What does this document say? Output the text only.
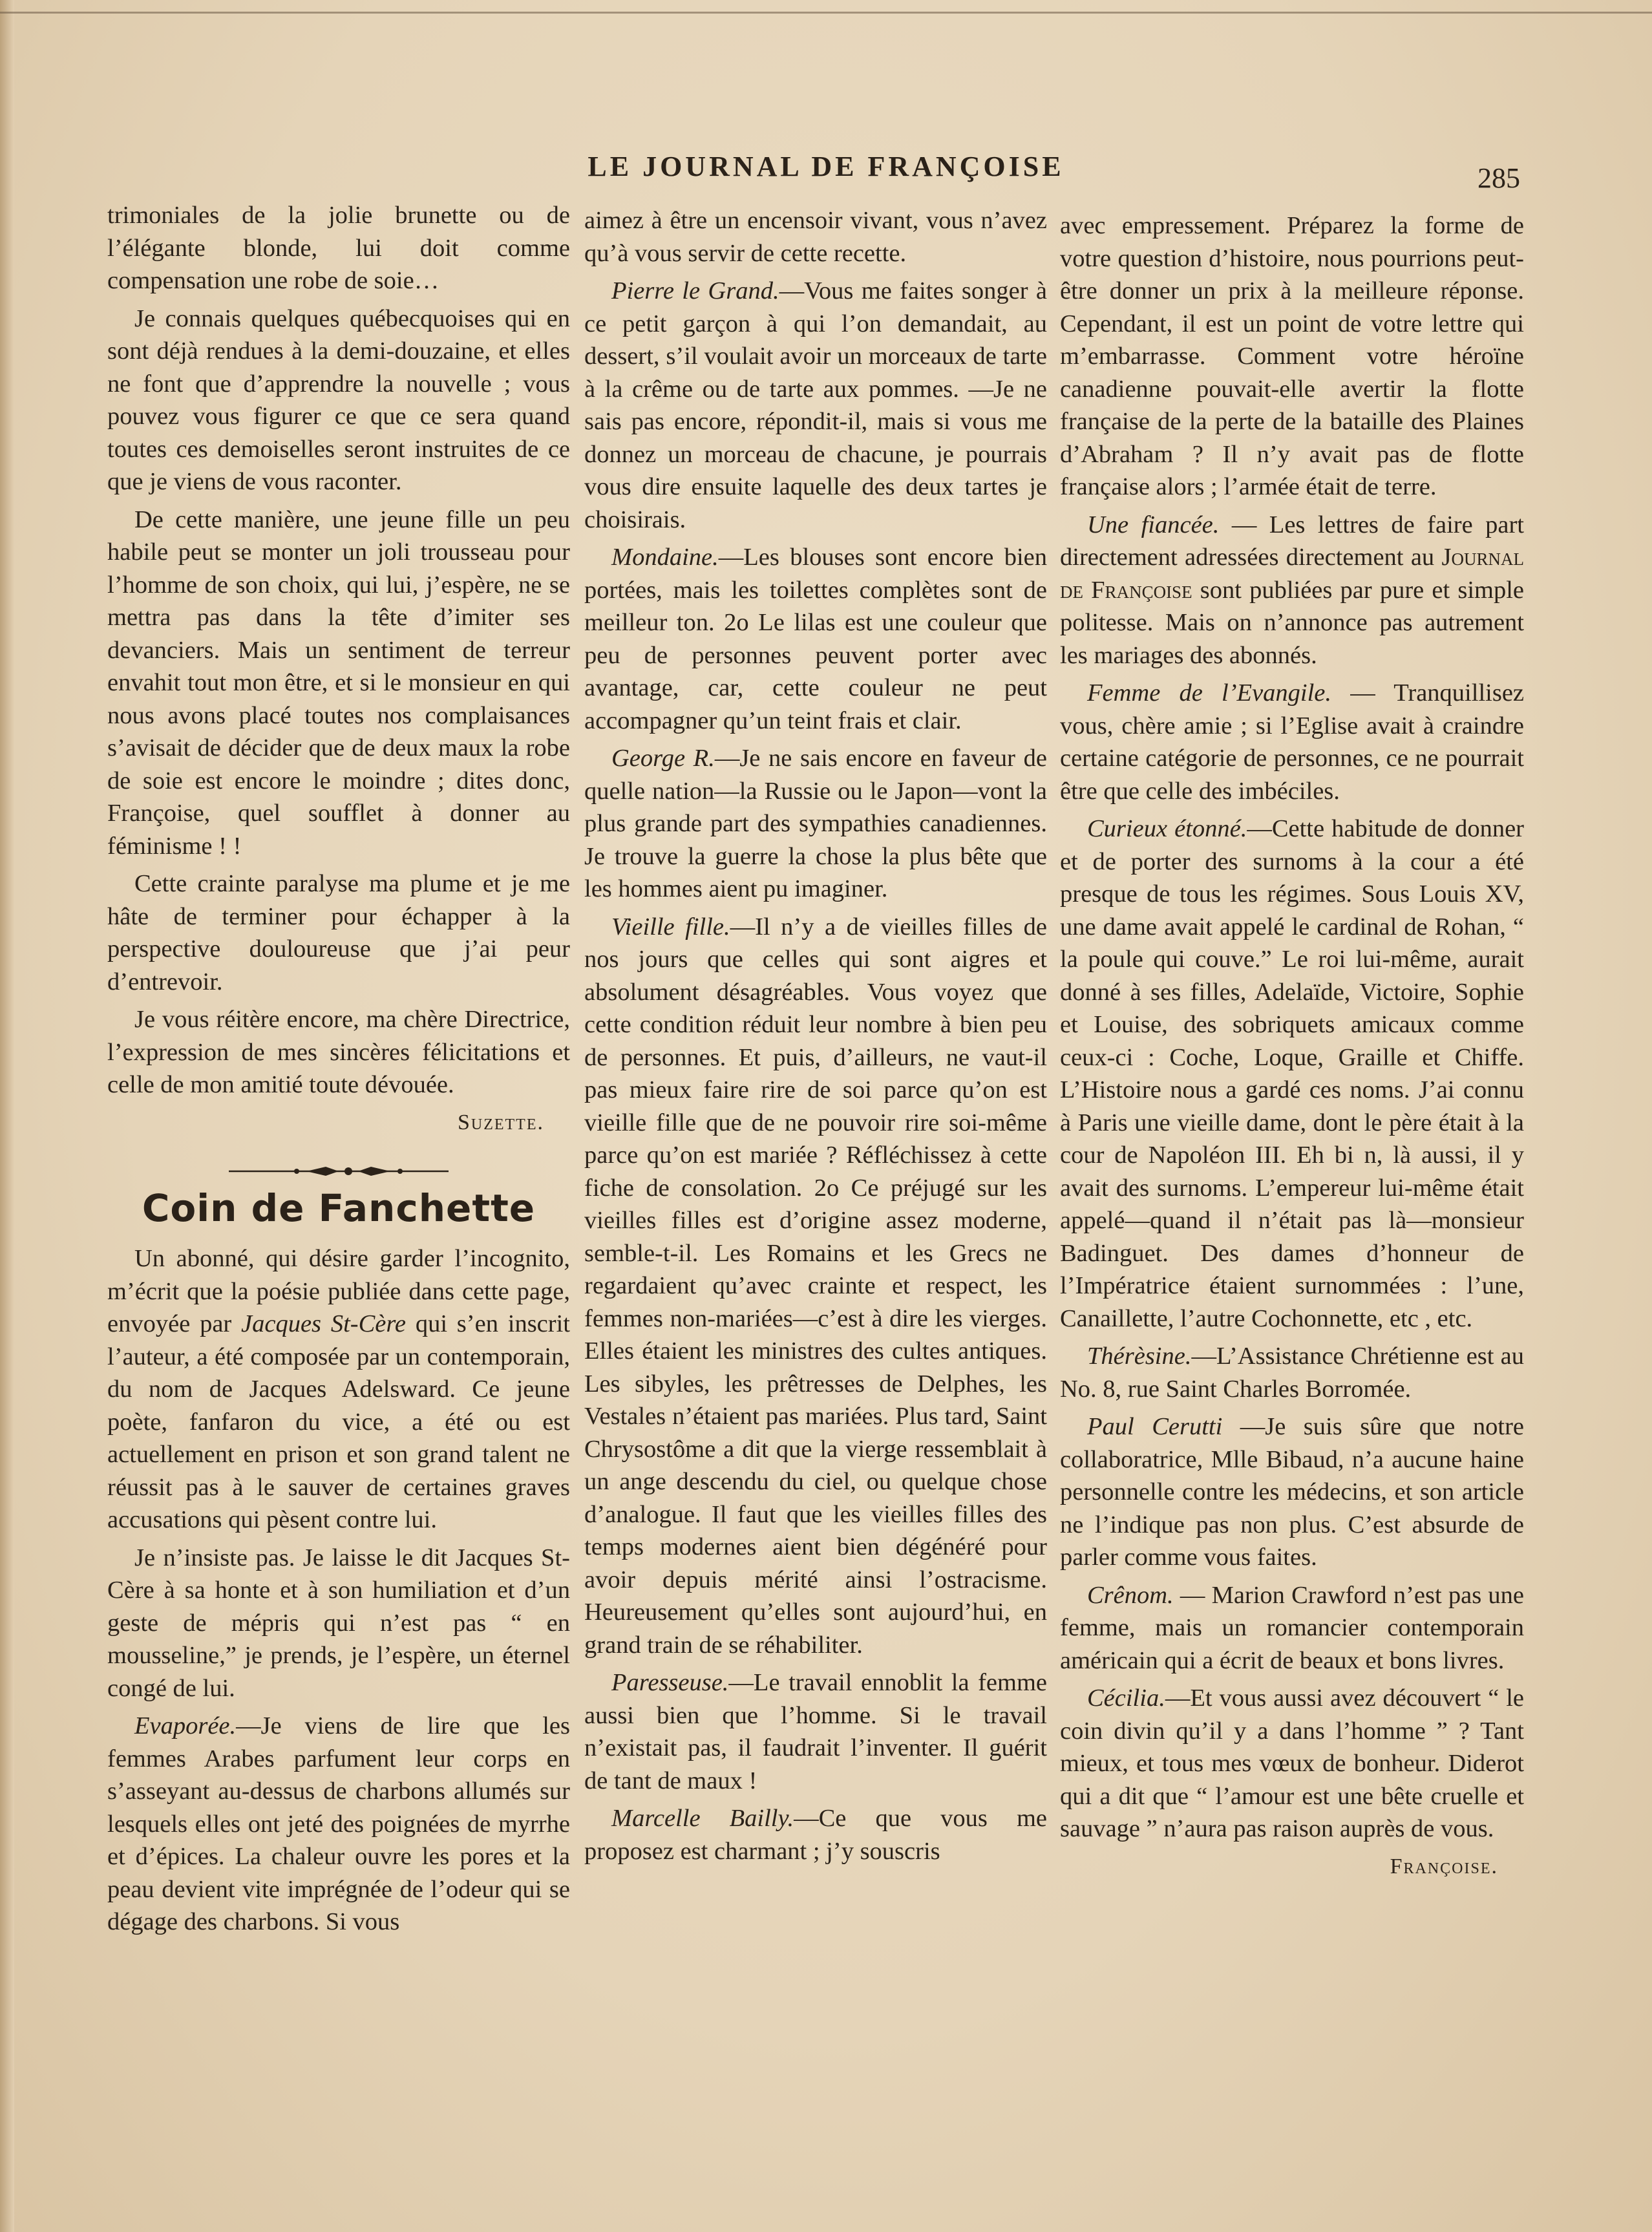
LE JOURNAL DE FRANÇOISE	285

trimoniales de la jolie brunette ou de l’élégante blonde, lui doit comme compensation une robe de soie…

Je connais quelques québecquoises qui en sont déjà rendues à la demi-douzaine, et elles ne font que d’apprendre la nouvelle ; vous pouvez vous figurer ce que ce sera quand toutes ces demoiselles seront instruites de ce que je viens de vous raconter.

De cette manière, une jeune fille un peu habile peut se monter un joli trousseau pour l’homme de son choix, qui lui, j’espère, ne se mettra pas dans la tête d’imiter ses devanciers. Mais un sentiment de terreur envahit tout mon être, et si le monsieur en qui nous avons placé toutes nos complaisances s’avisait de décider que de deux maux la robe de soie est encore le moindre ; dites donc, Françoise, quel soufflet à donner au féminisme ! !

Cette crainte paralyse ma plume et je me hâte de terminer pour échapper à la perspective douloureuse que j’ai peur d’entrevoir.

Je vous réitère encore, ma chère Directrice, l’expression de mes sincères félicitations et celle de mon amitié toute dévouée.

Suzette.
Coin de Fanchette

Un abonné, qui désire garder l’incognito, m’écrit que la poésie publiée dans cette page, envoyée par Jacques St-Cère qui s’en inscrit l’auteur, a été composée par un contemporain, du nom de Jacques Adelsward. Ce jeune poète, fanfaron du vice, a été ou est actuellement en prison et son grand talent ne réussit pas à le sauver de certaines graves accusations qui pèsent contre lui.

Je n’insiste pas. Je laisse le dit Jacques St-Cère à sa honte et à son humiliation et d’un geste de mépris qui n’est pas “ en mousseline,” je prends, je l’espère, un éternel congé de lui.

Evaporée.—Je viens de lire que les femmes Arabes parfument leur corps en s’asseyant au-dessus de charbons allumés sur lesquels elles ont jeté des poignées de myrrhe et d’épices. La chaleur ouvre les pores et la peau devient vite imprégnée de l’odeur qui se dégage des charbons. Si vous

aimez à être un encensoir vivant, vous n’avez qu’à vous servir de cette recette.

Pierre le Grand.—Vous me faites songer à ce petit garçon à qui l’on demandait, au dessert, s’il voulait avoir un morceaux de tarte à la crême ou de tarte aux pommes. —Je ne sais pas encore, répondit-il, mais si vous me donnez un morceau de chacune, je pourrais vous dire ensuite laquelle des deux tartes je choisirais.

Mondaine.—Les blouses sont encore bien portées, mais les toilettes complètes sont de meilleur ton. 2o Le lilas est une couleur que peu de personnes peuvent porter avec avantage, car, cette couleur ne peut accompagner qu’un teint frais et clair.

George R.—Je ne sais encore en faveur de quelle nation—la Russie ou le Japon—vont la plus grande part des sympathies canadiennes. Je trouve la guerre la chose la plus bête que les hommes aient pu imaginer.

Vieille fille.—Il n’y a de vieilles filles de nos jours que celles qui sont aigres et absolument désagréables. Vous voyez que cette condition réduit leur nombre à bien peu de personnes. Et puis, d’ailleurs, ne vaut-il pas mieux faire rire de soi parce qu’on est vieille fille que de ne pouvoir rire soi-même parce qu’on est mariée ? Réfléchissez à cette fiche de consolation. 2o Ce préjugé sur les vieilles filles est d’origine assez moderne, semble-t-il. Les Romains et les Grecs ne regardaient qu’avec crainte et respect, les femmes non-mariées—c’est à dire les vierges. Elles étaient les ministres des cultes antiques. Les sibyles, les prêtresses de Delphes, les Vestales n’étaient pas mariées. Plus tard, Saint Chrysostôme a dit que la vierge ressemblait à un ange descendu du ciel, ou quelque chose d’analogue. Il faut que les vieilles filles des temps modernes aient bien dégénéré pour avoir depuis mérité ainsi l’ostracisme. Heureusement qu’elles sont aujourd’hui, en grand train de se réhabiliter.

Paresseuse.—Le travail ennoblit la femme aussi bien que l’homme. Si le travail n’existait pas, il faudrait l’inventer. Il guérit de tant de maux !

Marcelle Bailly.—Ce que vous me proposez est charmant ; j’y souscris

avec empressement. Préparez la forme de votre question d’histoire, nous pourrions peut-être donner un prix à la meilleure réponse. Cependant, il est un point de votre lettre qui m’embarrasse. Comment votre héroïne canadienne pouvait-elle avertir la flotte française de la perte de la bataille des Plaines d’Abraham ? Il n’y avait pas de flotte française alors ; l’armée était de terre.

Une fiancée. — Les lettres de faire part directement adressées directement au Journal de Françoise sont publiées par pure et simple politesse. Mais on n’annonce pas autrement les mariages des abonnés.

Femme de l’Evangile. — Tranquillisez vous, chère amie ; si l’Eglise avait à craindre certaine catégorie de personnes, ce ne pourrait être que celle des imbéciles.

Curieux étonné.—Cette habitude de donner et de porter des surnoms à la cour a été presque de tous les régimes. Sous Louis XV, une dame avait appelé le cardinal de Rohan, “ la poule qui couve.” Le roi lui-même, aurait donné à ses filles, Adelaïde, Victoire, Sophie et Louise, des sobriquets amicaux comme ceux-ci : Coche, Loque, Graille et Chiffe. L’Histoire nous a gardé ces noms. J’ai connu à Paris une vieille dame, dont le père était à la cour de Napoléon III. Eh bi n, là aussi, il y avait des surnoms. L’empereur lui-même était appelé—quand il n’était pas là—monsieur Badinguet. Des dames d’honneur de l’Impératrice étaient surnommées : l’une, Canaillette, l’autre Cochonnette, etc , etc.

Thérèsine.—L’Assistance Chrétienne est au No. 8, rue Saint Charles Borromée.

Paul Cerutti —Je suis sûre que notre collaboratrice, Mlle Bibaud, n’a aucune haine personnelle contre les médecins, et son article ne l’indique pas non plus. C’est absurde de parler comme vous faites.

Crênom. — Marion Crawford n’est pas une femme, mais un romancier contemporain américain qui a écrit de beaux et bons livres.

Cécilia.—Et vous aussi avez découvert “ le coin divin qu’il y a dans l’homme ” ? Tant mieux, et tous mes vœux de bonheur. Diderot qui a dit que “ l’amour est une bête cruelle et sauvage ” n’aura pas raison auprès de vous.

Françoise.
